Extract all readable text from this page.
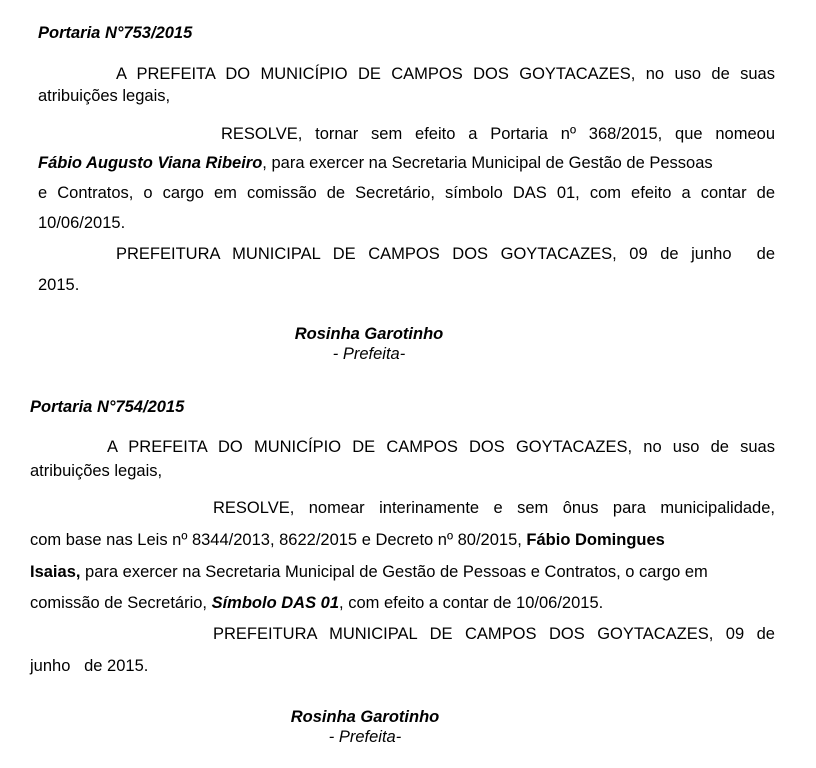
Portaria N°753/2015
A PREFEITA DO MUNICÍPIO DE CAMPOS DOS GOYTACAZES, no uso de suas
atribuições legais,
RESOLVE, tornar sem efeito a Portaria nº 368/2015, que nomeou
Fábio Augusto Viana Ribeiro, para exercer na Secretaria Municipal de Gestão de Pessoas
e Contratos, o cargo em comissão de Secretário, símbolo DAS 01, com efeito a contar de
10/06/2015.
PREFEITURA MUNICIPAL DE CAMPOS DOS GOYTACAZES, 09 de junho  de
2015.
Rosinha Garotinho
- Prefeita-
Portaria N°754/2015
A PREFEITA DO MUNICÍPIO DE CAMPOS DOS GOYTACAZES, no uso de suas
atribuições legais,
RESOLVE, nomear interinamente e sem ônus para municipalidade,
com base nas Leis nº 8344/2013, 8622/2015 e Decreto nº 80/2015, Fábio Domingues
Isaias, para exercer na Secretaria Municipal de Gestão de Pessoas e Contratos, o cargo em
comissão de Secretário, Símbolo DAS 01, com efeito a contar de 10/06/2015.
PREFEITURA MUNICIPAL DE CAMPOS DOS GOYTACAZES, 09 de
junho   de 2015.
Rosinha Garotinho
- Prefeita-
